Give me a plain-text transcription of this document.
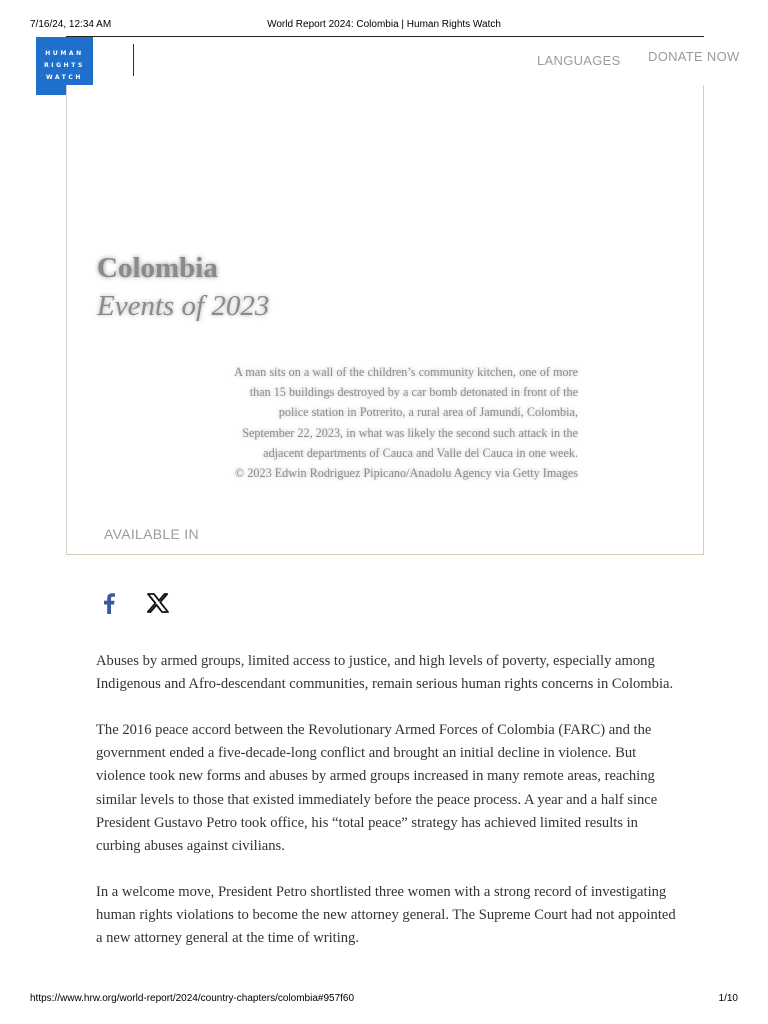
7/16/24, 12:34 AM	World Report 2024: Colombia | Human Rights Watch
HUMAN
RIGHTS
WATCH
LANGUAGES DONATE NOW
Colombia
Events of 2023
A man sits on a wall of the children’s community kitchen, one of more
than 15 buildings destroyed by a car bomb detonated in front of the
police station in Potrerito, a rural area of Jamundí, Colombia,
September 22, 2023, in what was likely the second such attack in the
adjacent departments of Cauca and Valle del Cauca in one week.
© 2023 Edwin Rodriguez Pipicano/Anadolu Agency via Getty Images
AVAILABLE IN

Abuses by armed groups, limited access to justice, and high levels of poverty, especially among Indigenous and Afro-descendant communities, remain serious human rights concerns in Colombia.

The 2016 peace accord between the Revolutionary Armed Forces of Colombia (FARC) and the government ended a five-decade-long conflict and brought an initial decline in violence. But violence took new forms and abuses by armed groups increased in many remote areas, reaching similar levels to those that existed immediately before the peace process. A year and a half since President Gustavo Petro took office, his “total peace” strategy has achieved limited results in curbing abuses against civilians.

In a welcome move, President Petro shortlisted three women with a strong record of investigating human rights violations to become the new attorney general. The Supreme Court had not appointed a new attorney general at the time of writing.

https://www.hrw.org/world-report/2024/country-chapters/colombia#957f60	1/10
